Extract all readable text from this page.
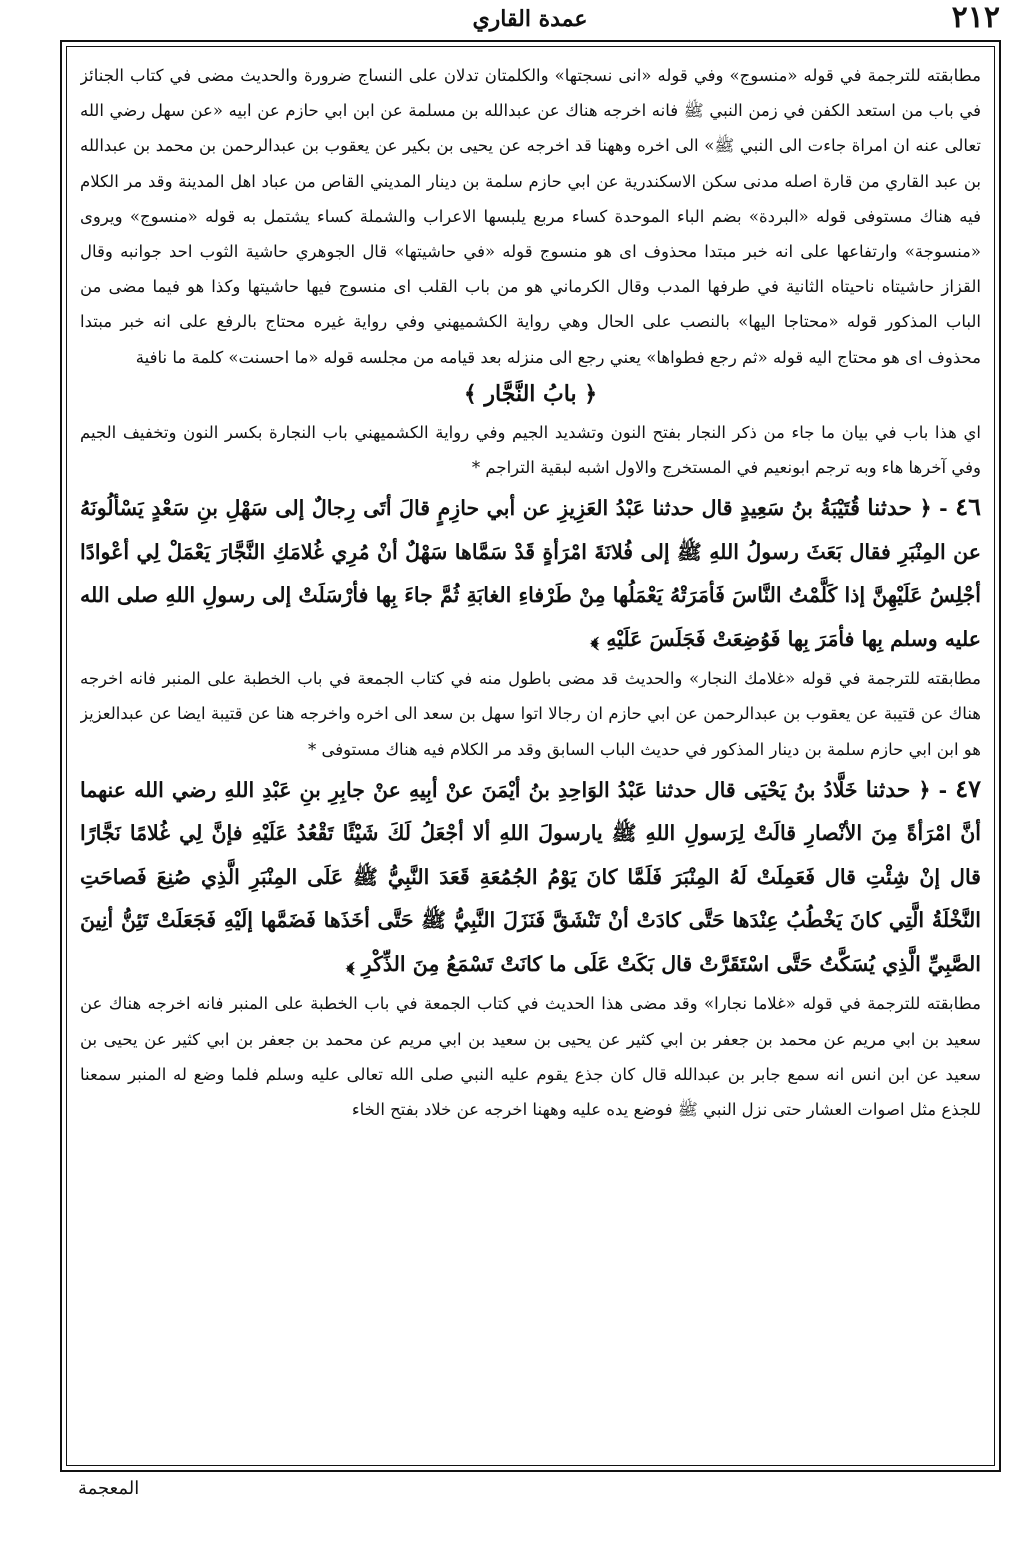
٢١٢
عمدة القاري

مطابقته للترجمة في قوله «منسوج» وفي قوله «انى نسجتها» والكلمتان تدلان على النساج ضرورة والحديث مضى في كتاب الجنائز في باب من استعد الكفن في زمن النبي ﷺ فانه اخرجه هناك عن عبدالله بن مسلمة عن ابن ابي حازم عن ابيه «عن سهل رضي الله تعالى عنه ان امراة جاءت الى النبي ﷺ» الى اخره وههنا قد اخرجه عن يحيى بن بكير عن يعقوب بن عبدالرحمن بن محمد بن عبدالله بن عبد القاري من قارة اصله مدنى سكن الاسكندرية عن ابي حازم سلمة بن دينار المديني القاص من عباد اهل المدينة وقد مر الكلام فيه هناك مستوفى قوله «البردة» بضم الباء الموحدة كساء مربع يلبسها الاعراب والشملة كساء يشتمل به قوله «منسوج» ويروى «منسوجة» وارتفاعها على انه خبر مبتدا محذوف اى هو منسوج قوله «في حاشيتها» قال الجوهري حاشية الثوب احد جوانبه وقال القزاز حاشيتاه ناحيتاه الثانية في طرفها المدب وقال الكرماني هو من باب القلب اى منسوج فيها حاشيتها وكذا هو فيما مضى من الباب المذكور قوله «محتاجا اليها» بالنصب على الحال وهي رواية الكشميهني وفي رواية غيره محتاج بالرفع على انه خبر مبتدا محذوف اى هو محتاج اليه قوله «ثم رجع فطواها» يعني رجع الى منزله بعد قيامه من مجلسه قوله «ما احسنت» كلمة ما نافية

﴿ بابُ النَّجَّار ﴾

اي هذا باب في بيان ما جاء من ذكر النجار بفتح النون وتشديد الجيم وفي رواية الكشميهني باب النجارة بكسر النون وتخفيف الجيم وفي آخرها هاء وبه ترجم ابونعيم في المستخرج والاول اشبه لبقية التراجم *

٤٦ - ﴿ حدثنا قُتَيْبَةُ بنُ سَعِيدٍ قال حدثنا عَبْدُ العَزِيزِ عن أبي حازِمٍ قالَ أتَى رِجالٌ إلى سَهْلِ بنِ سَعْدٍ يَسْألُونَهُ عن المِنْبَرِ فقال بَعَثَ رسولُ اللهِ ﷺ إلى فُلانَةَ امْرَأةٍ قَدْ سَمَّاها سَهْلٌ أنْ مُرِي غُلامَكِ النَّجَّارَ يَعْمَلْ لِي أعْوادًا أجْلِسُ عَلَيْهِنَّ إذا كَلَّمْتُ النَّاسَ فَأمَرَتْهُ يَعْمَلُها مِنْ طَرْفاءِ الغابَةِ ثُمَّ جاءَ بِها فأرْسَلَتْ إلى رسولِ اللهِ صلى الله عليه وسلم بِها فأمَرَ بِها فَوُضِعَتْ فَجَلَسَ عَلَيْهِ ﴾

مطابقته للترجمة في قوله «غلامك النجار» والحديث قد مضى باطول منه في كتاب الجمعة في باب الخطبة على المنبر فانه اخرجه هناك عن قتيبة عن يعقوب بن عبدالرحمن عن ابي حازم ان رجالا اتوا سهل بن سعد الى اخره واخرجه هنا عن قتيبة ايضا عن عبدالعزيز هو ابن ابي حازم سلمة بن دينار المذكور في حديث الباب السابق وقد مر الكلام فيه هناك مستوفى *

٤٧ - ﴿ حدثنا خَلَّادُ بنُ يَحْيَى قال حدثنا عَبْدُ الوَاحِدِ بنُ أيْمَنَ عنْ أبِيهِ عنْ جابِرِ بنِ عَبْدِ اللهِ رضي الله عنهما أنَّ امْرَأةً مِنَ الأنْصارِ قالَتْ لِرَسولِ اللهِ ﷺ يارسولَ اللهِ ألا أجْعَلُ لَكَ شَيْئًا تَقْعُدُ عَلَيْهِ فإنَّ لِي غُلامًا نَجَّارًا قال إنْ شِئْتِ قال فَعَمِلَتْ لَهُ المِنْبَرَ فَلَمَّا كانَ يَوْمُ الجُمُعَةِ قَعَدَ النَّبِيُّ ﷺ عَلَى المِنْبَرِ الَّذِي صُنِعَ فَصاحَتِ النَّخْلَةُ الَّتِي كانَ يَخْطُبُ عِنْدَها حَتَّى كادَتْ أنْ تَنْشَقَّ فَنَزَلَ النَّبِيُّ ﷺ حَتَّى أخَذَها فَضَمَّها إلَيْهِ فَجَعَلَتْ تَئِنُّ أنِينَ الصَّبِيِّ الَّذِي يُسَكَّتُ حَتَّى اسْتَقَرَّتْ قال بَكَتْ عَلَى ما كانَتْ تَسْمَعُ مِنَ الذِّكْرِ ﴾

مطابقته للترجمة في قوله «غلاما نجارا» وقد مضى هذا الحديث في كتاب الجمعة في باب الخطبة على المنبر فانه اخرجه هناك عن سعيد بن ابي مريم عن محمد بن جعفر بن ابي كثير عن يحيى بن سعيد بن ابي مريم عن محمد بن جعفر بن ابي كثير عن يحيى بن سعيد عن ابن انس انه سمع جابر بن عبدالله قال كان جذع يقوم عليه النبي صلى الله تعالى عليه وسلم فلما وضع له المنبر سمعنا للجذع مثل اصوات العشار حتى نزل النبي ﷺ فوضع يده عليه وههنا اخرجه عن خلاد بفتح الخاء

المعجمة
